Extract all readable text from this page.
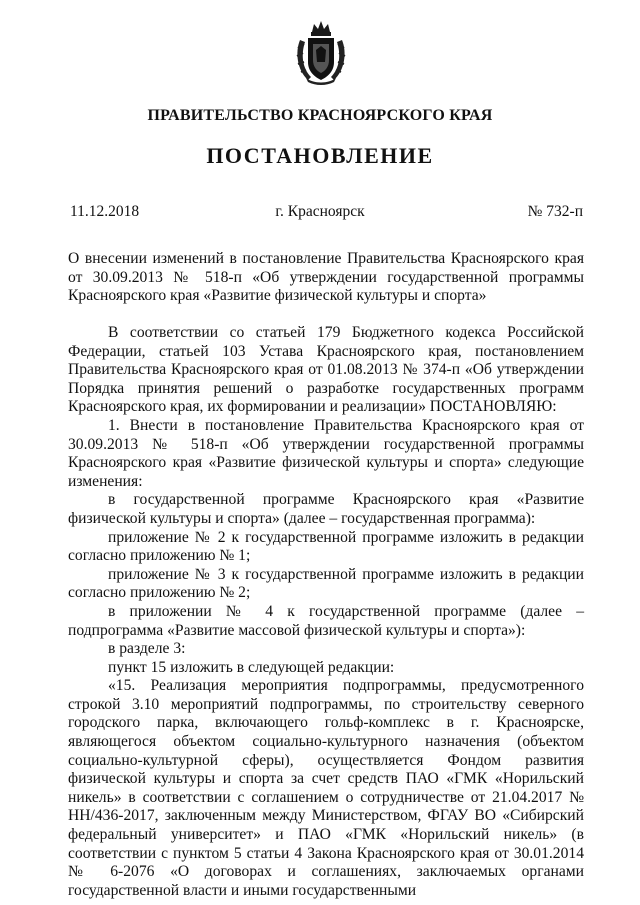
ПРАВИТЕЛЬСТВО КРАСНОЯРСКОГО КРАЯ
ПОСТАНОВЛЕНИЕ
г. Красноярск
11.12.2018	№ 732-п

О внесении изменений в постановление Правительства Красноярского края от 30.09.2013 № 518-п «Об утверждении государственной программы Красноярского края «Развитие физической культуры и спорта»

В соответствии со статьей 179 Бюджетного кодекса Российской Федерации, статьей 103 Устава Красноярского края, постановлением Правительства Красноярского края от 01.08.2013 № 374-п «Об утверждении Порядка принятия решений о разработке государственных программ Красноярского края, их формировании и реализации» ПОСТАНОВЛЯЮ:

1. Внести в постановление Правительства Красноярского края от 30.09.2013 № 518-п «Об утверждении государственной программы Красноярского края «Развитие физической культуры и спорта» следующие изменения:

в государственной программе Красноярского края «Развитие физической культуры и спорта» (далее – государственная программа):

приложение № 2 к государственной программе изложить в редакции согласно приложению № 1;

приложение № 3 к государственной программе изложить в редакции согласно приложению № 2;

в приложении № 4 к государственной программе (далее – подпрограмма «Развитие массовой физической культуры и спорта»):

в разделе 3:

пункт 15 изложить в следующей редакции:

«15. Реализация мероприятия подпрограммы, предусмотренного строкой 3.10 мероприятий подпрограммы, по строительству северного городского парка, включающего гольф-комплекс в г. Красноярске, являющегося объектом социально-культурного назначения (объектом социально-культурной сферы), осуществляется Фондом развития физической культуры и спорта за счет средств ПАО «ГМК «Норильский никель» в соответствии с соглашением о сотрудничестве от 21.04.2017 № НН/436-2017, заключенным между Министерством, ФГАУ ВО «Сибирский федеральный университет» и ПАО «ГМК «Норильский никель» (в соответствии с пунктом 5 статьи 4 Закона Красноярского края от 30.01.2014 № 6-2076 «О договорах и соглашениях, заключаемых органами государственной власти и иными государственными
